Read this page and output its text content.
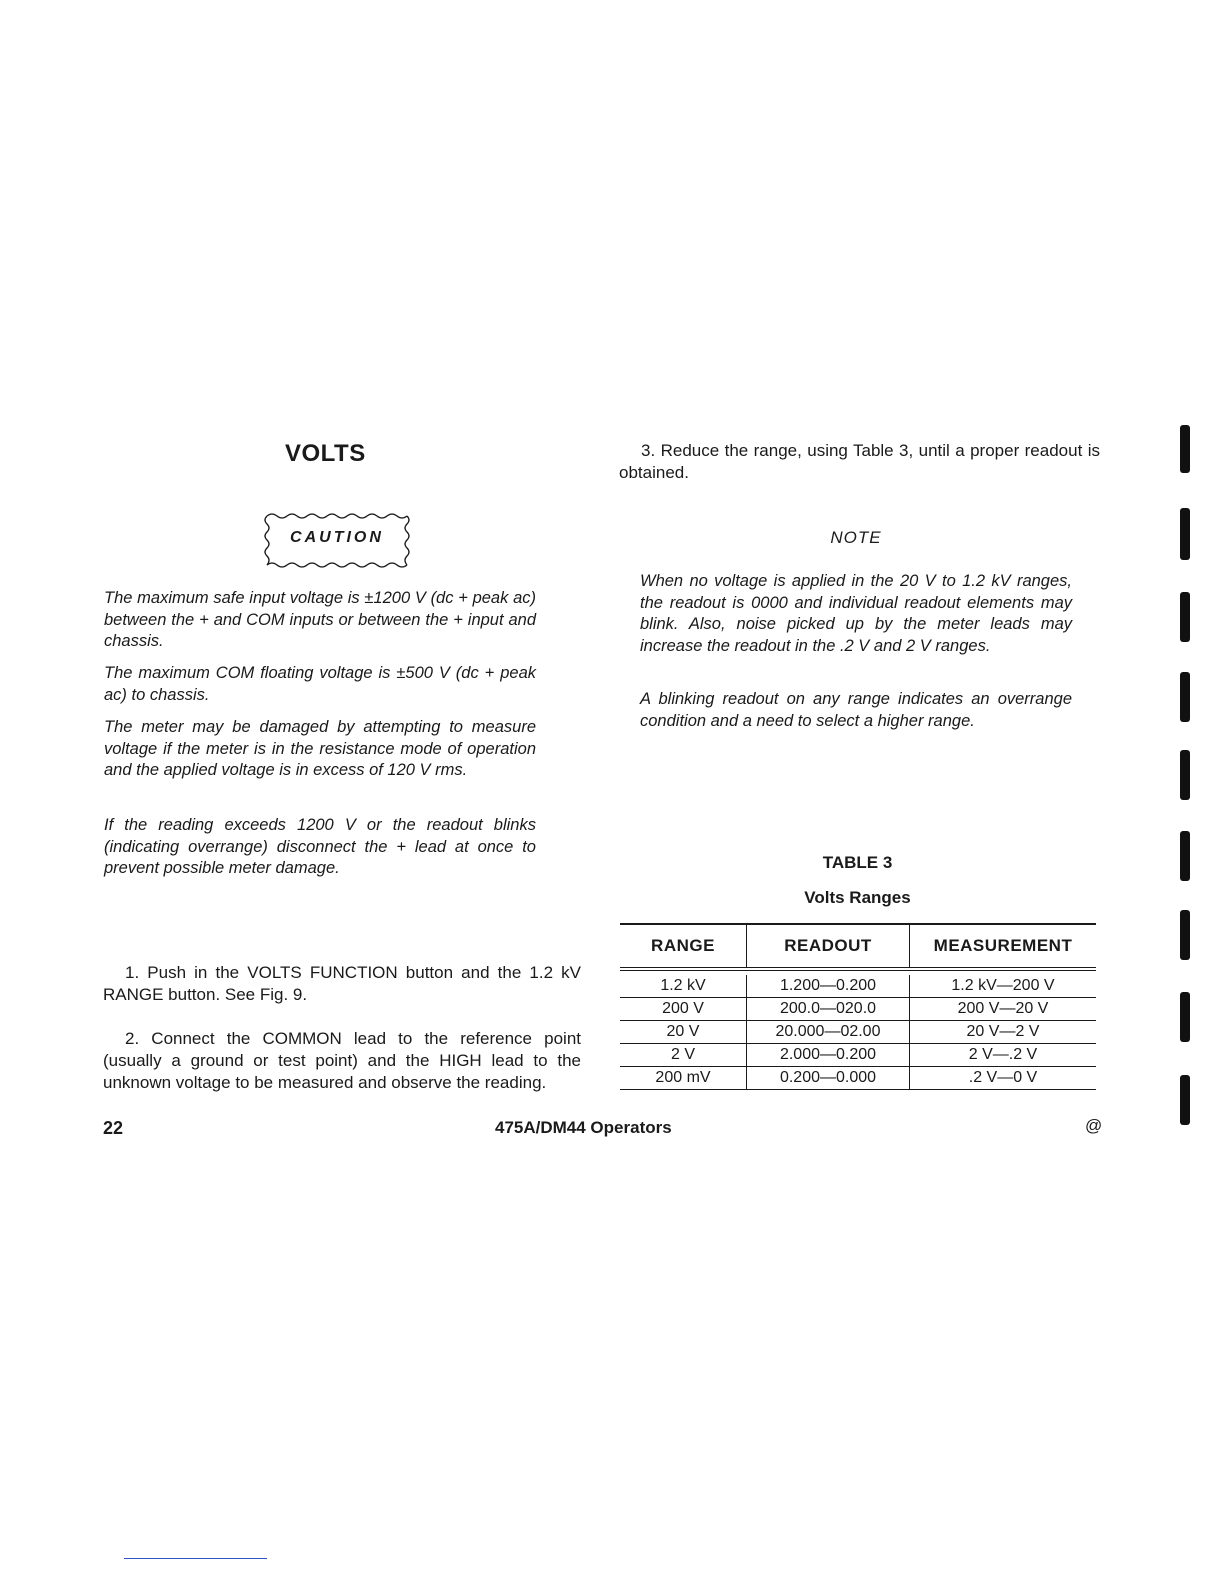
VOLTS
CAUTION
The maximum safe input voltage is ±1200 V (dc + peak ac) between the + and COM inputs or between the + input and chassis.
The maximum COM floating voltage is ±500 V (dc + peak ac) to chassis.
The meter may be damaged by attempting to measure voltage if the meter is in the resistance mode of operation and the applied voltage is in excess of 120 V rms.
If the reading exceeds 1200 V or the readout blinks (indicating overrange) disconnect the + lead at once to prevent possible meter damage.
1. Push in the VOLTS FUNCTION button and the 1.2 kV RANGE button. See Fig. 9.
2. Connect the COMMON lead to the reference point (usually a ground or test point) and the HIGH lead to the unknown voltage to be measured and observe the reading.
3. Reduce the range, using Table 3, until a proper readout is obtained.
NOTE
When no voltage is applied in the 20 V to 1.2 kV ranges, the readout is 0000 and individual readout elements may blink. Also, noise picked up by the meter leads may increase the readout in the .2 V and 2 V ranges.
A blinking readout on any range indicates an overrange condition and a need to select a higher range.
TABLE 3
Volts Ranges
RANGE	READOUT	MEASUREMENT

1.2 kV	1.200—0.200	1.2 kV—200 V
200 V	200.0—020.0	200 V—20 V
20 V	20.000—02.00	20 V—2 V
2 V	2.000—0.200	2 V—.2 V
200 mV	0.200—0.000	.2 V—0 V
22	475A/DM44 Operators	@
